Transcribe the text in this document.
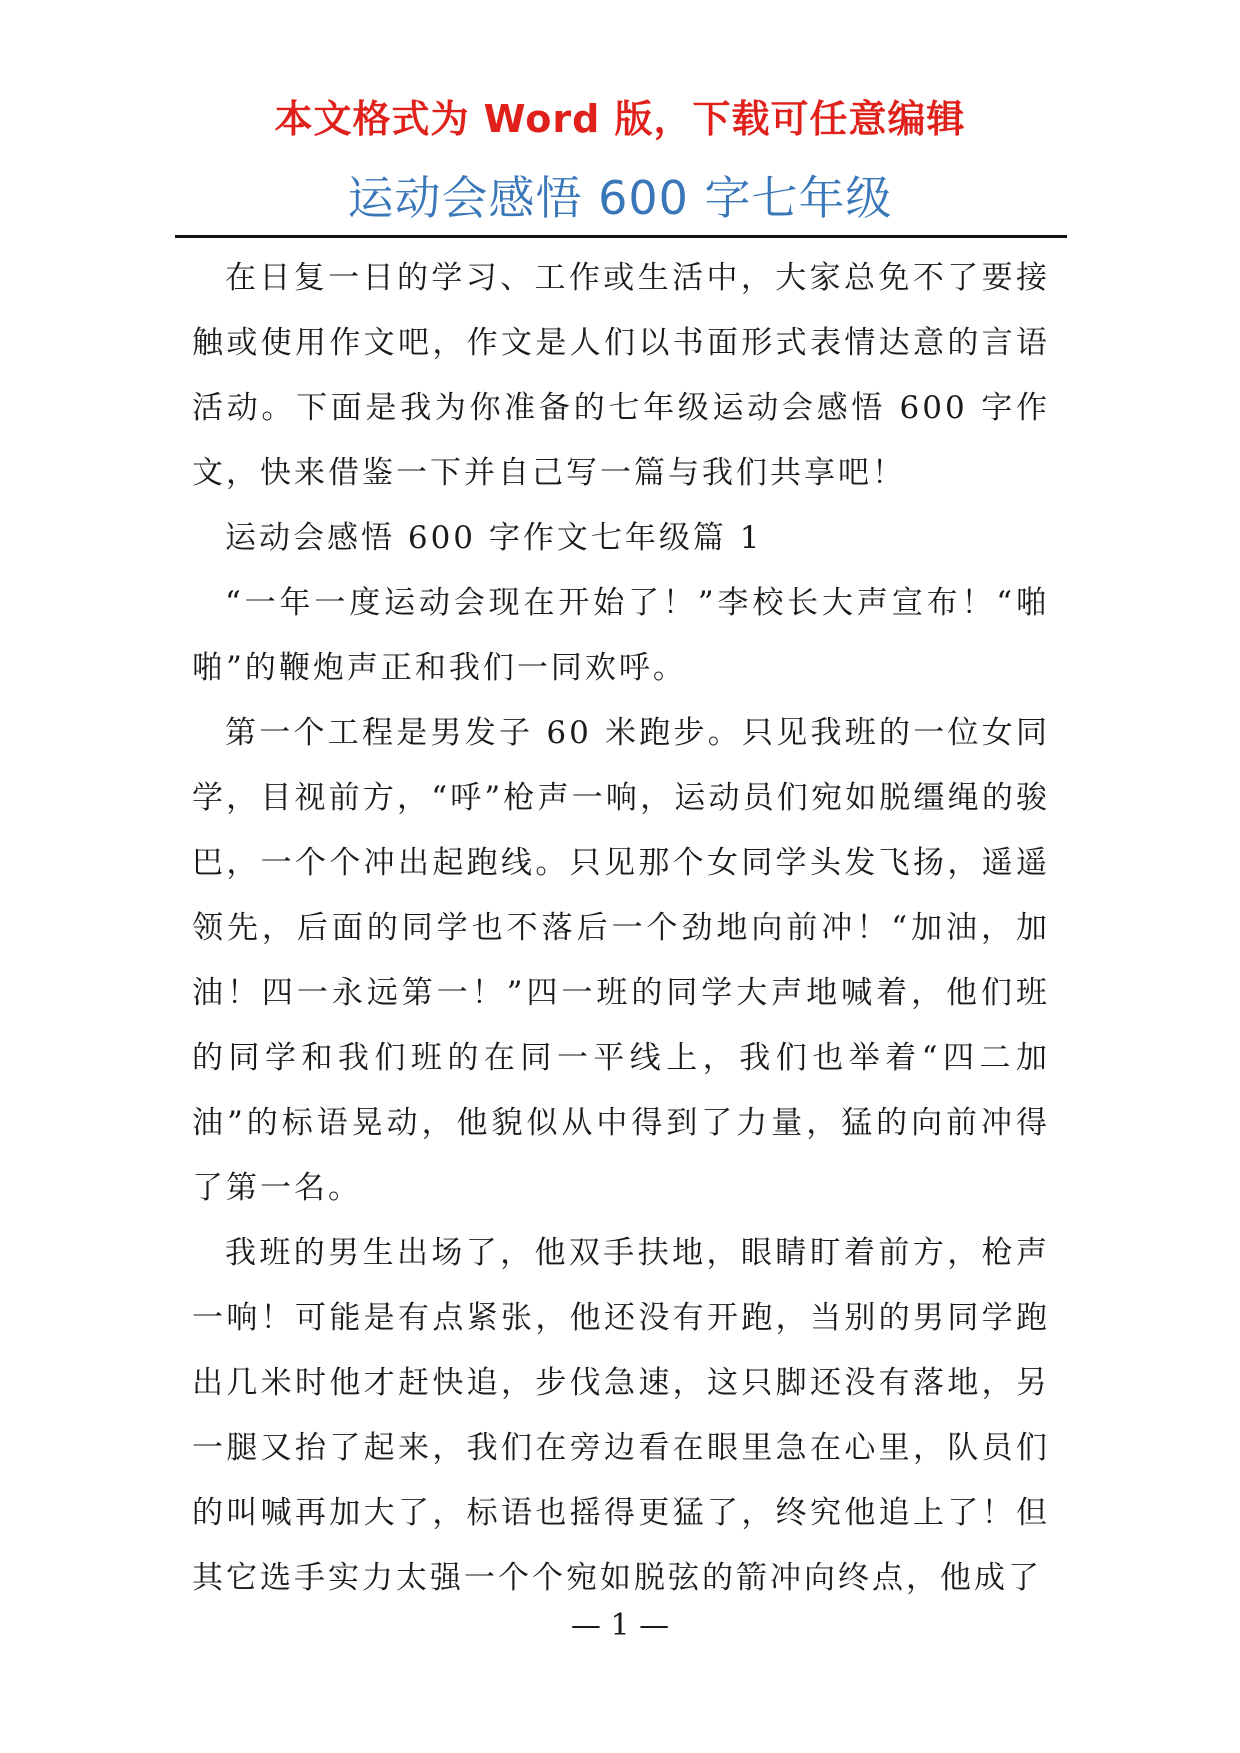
本文格式为 Word 版，下载可任意编辑
运动会感悟 600 字七年级

在日复一日的学习、工作或生活中，大家总免不了要接触或使用作文吧，作文是人们以书面形式表情达意的言语活动。下面是我为你准备的七年级运动会感悟 600 字作文，快来借鉴一下并自己写一篇与我们共享吧！

运动会感悟 600 字作文七年级篇 1

“一年一度运动会现在开始了！”李校长大声宣布！“啪啪”的鞭炮声正和我们一同欢呼。

第一个工程是男发子 60 米跑步。只见我班的一位女同学，目视前方，“呼”枪声一响，运动员们宛如脱缰绳的骏巴，一个个冲出起跑线。只见那个女同学头发飞扬，遥遥领先，后面的同学也不落后一个劲地向前冲！“加油，加油！四一永远第一！”四一班的同学大声地喊着，他们班的同学和我们班的在同一平线上，我们也举着“四二加油”的标语晃动，他貌似从中得到了力量，猛的向前冲得了第一名。

我班的男生出场了，他双手扶地，眼睛盯着前方，枪声一响！可能是有点紧张，他还没有开跑，当别的男同学跑出几米时他才赶快追，步伐急速，这只脚还没有落地，另一腿又抬了起来，我们在旁边看在眼里急在心里，队员们的叫喊再加大了，标语也摇得更猛了，终究他追上了！但其它选手实力太强一个个宛如脱弦的箭冲向终点，他成了

— 1 —
